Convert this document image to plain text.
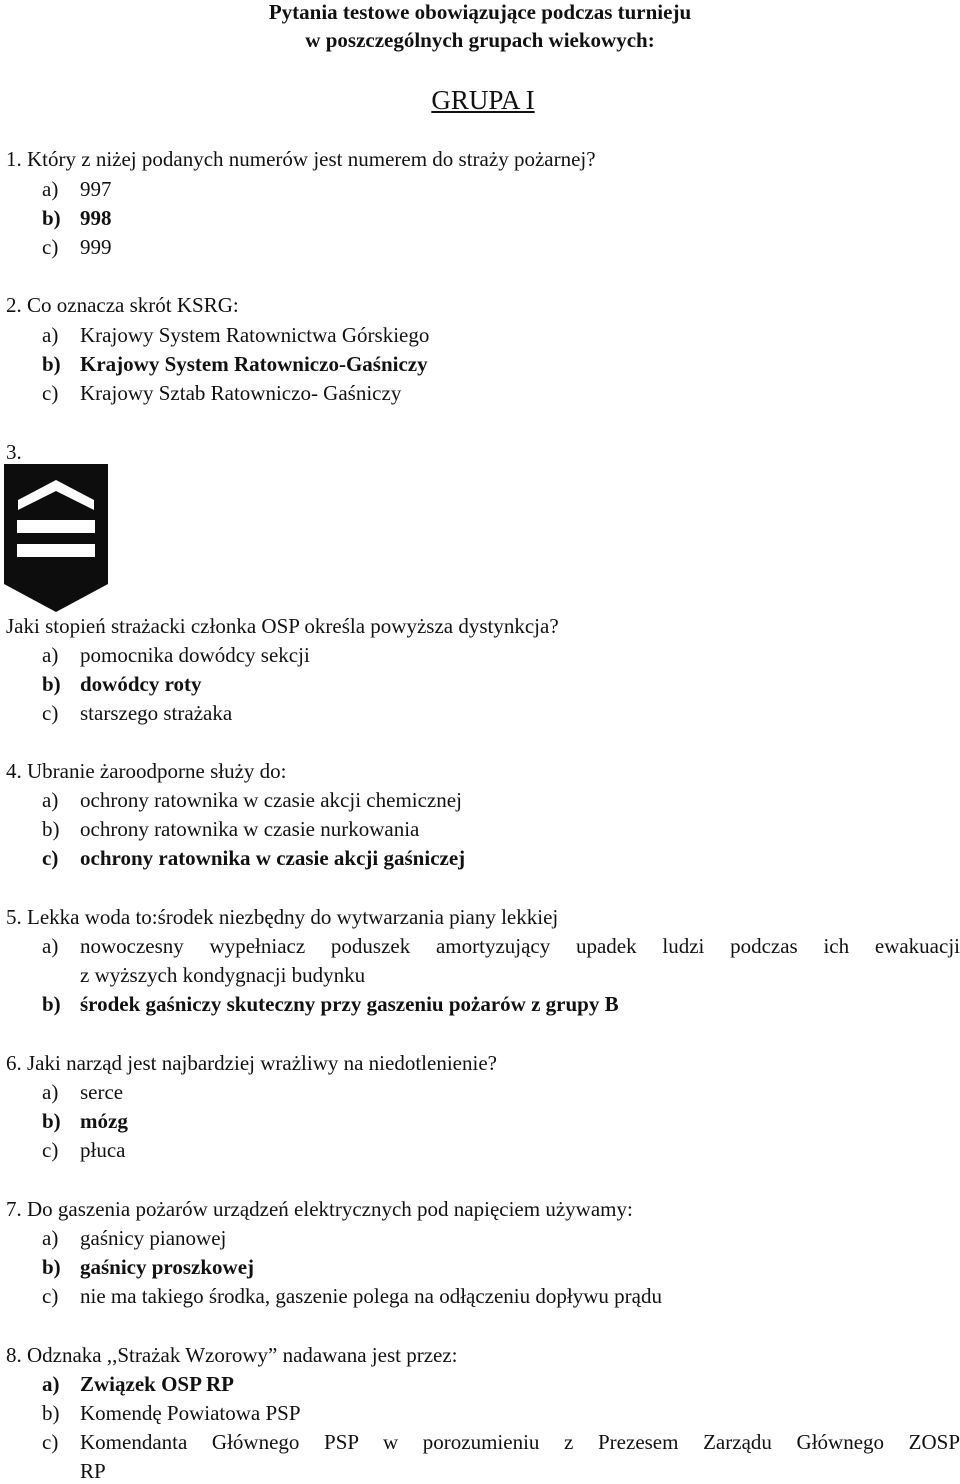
Pytania testowe obowiązujące podczas turnieju
w poszczególnych grupach wiekowych:
GRUPA I
1. Który z niżej podanych numerów jest numerem do straży pożarnej?
a) 997
b) 998
c) 999
2. Co oznacza skrót KSRG:
a) Krajowy System Ratownictwa Górskiego
b) Krajowy System Ratowniczo-Gaśniczy
c) Krajowy Sztab Ratowniczo- Gaśniczy
3.
Jaki stopień strażacki członka OSP określa powyższa dystynkcja?
a) pomocnika dowódcy sekcji
b) dowódcy roty
c) starszego strażaka
4. Ubranie żaroodporne służy do:
a) ochrony ratownika w czasie akcji chemicznej
b) ochrony ratownika w czasie nurkowania
c) ochrony ratownika w czasie akcji gaśniczej
5. Lekka woda to:środek niezbędny do wytwarzania piany lekkiej
a) nowoczesny wypełniacz poduszek amortyzujący upadek ludzi podczas ich ewakuacji
z wyższych kondygnacji budynku
b) środek gaśniczy skuteczny przy gaszeniu pożarów z grupy B
6. Jaki narząd jest najbardziej wrażliwy na niedotlenienie?
a) serce
b) mózg
c) płuca
7. Do gaszenia pożarów urządzeń elektrycznych pod napięciem używamy:
a) gaśnicy pianowej
b) gaśnicy proszkowej
c) nie ma takiego środka, gaszenie polega na odłączeniu dopływu prądu
8. Odznaka ,,Strażak Wzorowy” nadawana jest przez:
a) Związek OSP RP
b) Komendę Powiatowa PSP
c) Komendanta Głównego PSP w porozumieniu z Prezesem Zarządu Głównego ZOSP
RP
